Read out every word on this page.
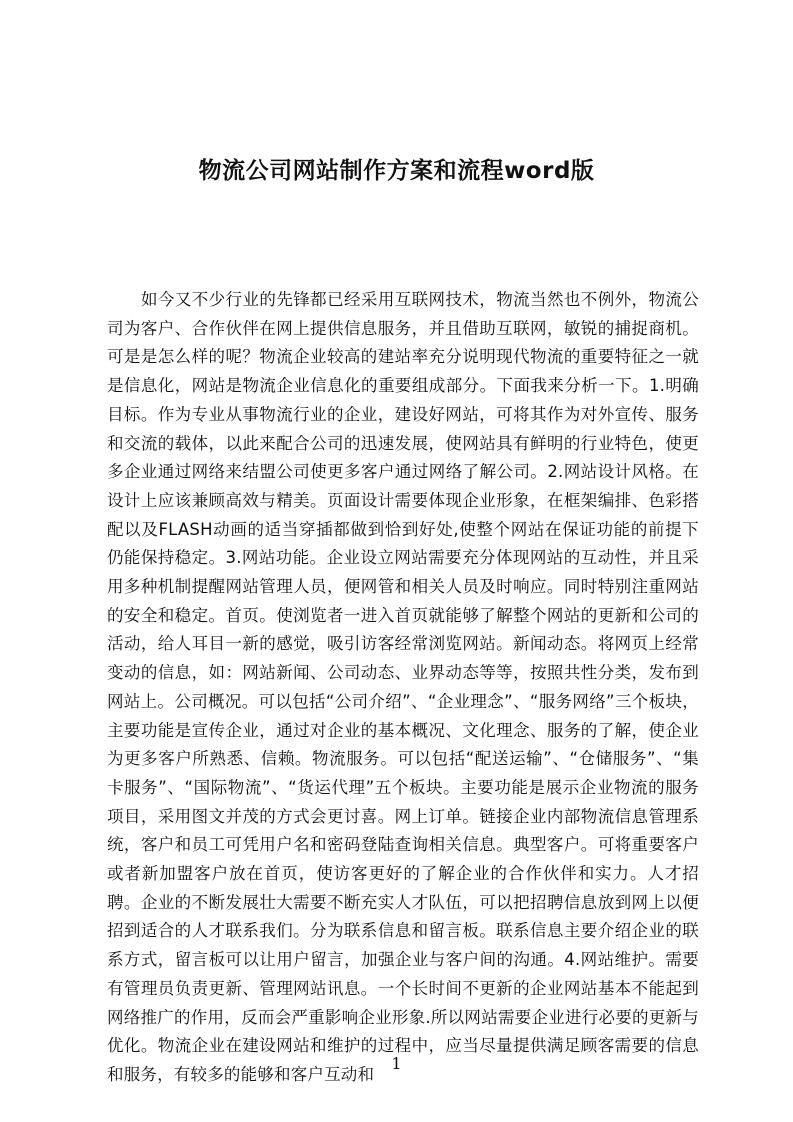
物流公司网站制作方案和流程word版

如今又不少行业的先锋都已经采用互联网技术，物流当然也不例外，物流公司为客户、合作伙伴在网上提供信息服务，并且借助互联网，敏锐的捕捉商机。可是是怎么样的呢？物流企业较高的建站率充分说明现代物流的重要特征之一就是信息化，网站是物流企业信息化的重要组成部分。下面我来分析一下。1.明确目标。作为专业从事物流行业的企业，建设好网站，可将其作为对外宣传、服务和交流的载体，以此来配合公司的迅速发展，使网站具有鲜明的行业特色，使更多企业通过网络来结盟公司使更多客户通过网络了解公司。2.网站设计风格。在设计上应该兼顾高效与精美。页面设计需要体现企业形象，在框架编排、色彩搭配以及FLASH动画的适当穿插都做到恰到好处,使整个网站在保证功能的前提下仍能保持稳定。3.网站功能。企业设立网站需要充分体现网站的互动性，并且采用多种机制提醒网站管理人员，便网管和相关人员及时响应。同时特别注重网站的安全和稳定。首页。使浏览者一进入首页就能够了解整个网站的更新和公司的活动，给人耳目一新的感觉，吸引访客经常浏览网站。新闻动态。将网页上经常变动的信息，如：网站新闻、公司动态、业界动态等等，按照共性分类，发布到网站上。公司概况。可以包括“公司介绍”、“企业理念”、“服务网络”三个板块，主要功能是宣传企业，通过对企业的基本概况、文化理念、服务的了解，使企业为更多客户所熟悉、信赖。物流服务。可以包括“配送运输”、“仓储服务”、“集卡服务”、“国际物流”、“货运代理”五个板块。主要功能是展示企业物流的服务项目，采用图文并茂的方式会更讨喜。网上订单。链接企业内部物流信息管理系统，客户和员工可凭用户名和密码登陆查询相关信息。典型客户。可将重要客户或者新加盟客户放在首页，使访客更好的了解企业的合作伙伴和实力。人才招聘。企业的不断发展壮大需要不断充实人才队伍，可以把招聘信息放到网上以便招到适合的人才联系我们。分为联系信息和留言板。联系信息主要介绍企业的联系方式，留言板可以让用户留言，加强企业与客户间的沟通。4.网站维护。需要有管理员负责更新、管理网站讯息。一个长时间不更新的企业网站基本不能起到网络推广的作用，反而会严重影响企业形象.所以网站需要企业进行必要的更新与优化。物流企业在建设网站和维护的过程中，应当尽量提供满足顾客需要的信息和服务，有较多的能够和客户互动和

1
